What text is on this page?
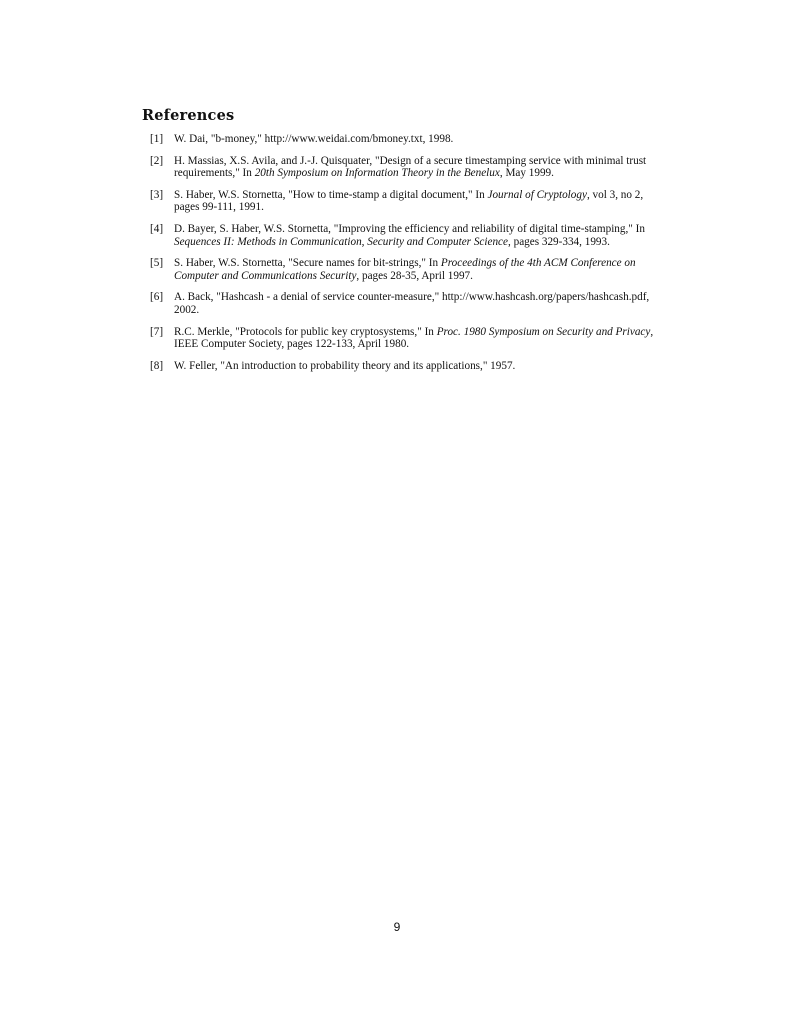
References
[1] W. Dai, "b-money," http://www.weidai.com/bmoney.txt, 1998.
[2] H. Massias, X.S. Avila, and J.-J. Quisquater, "Design of a secure timestamping service with minimal trust requirements," In 20th Symposium on Information Theory in the Benelux, May 1999.
[3] S. Haber, W.S. Stornetta, "How to time-stamp a digital document," In Journal of Cryptology, vol 3, no 2, pages 99-111, 1991.
[4] D. Bayer, S. Haber, W.S. Stornetta, "Improving the efficiency and reliability of digital time-stamping," In Sequences II: Methods in Communication, Security and Computer Science, pages 329-334, 1993.
[5] S. Haber, W.S. Stornetta, "Secure names for bit-strings," In Proceedings of the 4th ACM Conference on Computer and Communications Security, pages 28-35, April 1997.
[6] A. Back, "Hashcash - a denial of service counter-measure," http://www.hashcash.org/papers/hashcash.pdf, 2002.
[7] R.C. Merkle, "Protocols for public key cryptosystems," In Proc. 1980 Symposium on Security and Privacy, IEEE Computer Society, pages 122-133, April 1980.
[8] W. Feller, "An introduction to probability theory and its applications," 1957.

9
